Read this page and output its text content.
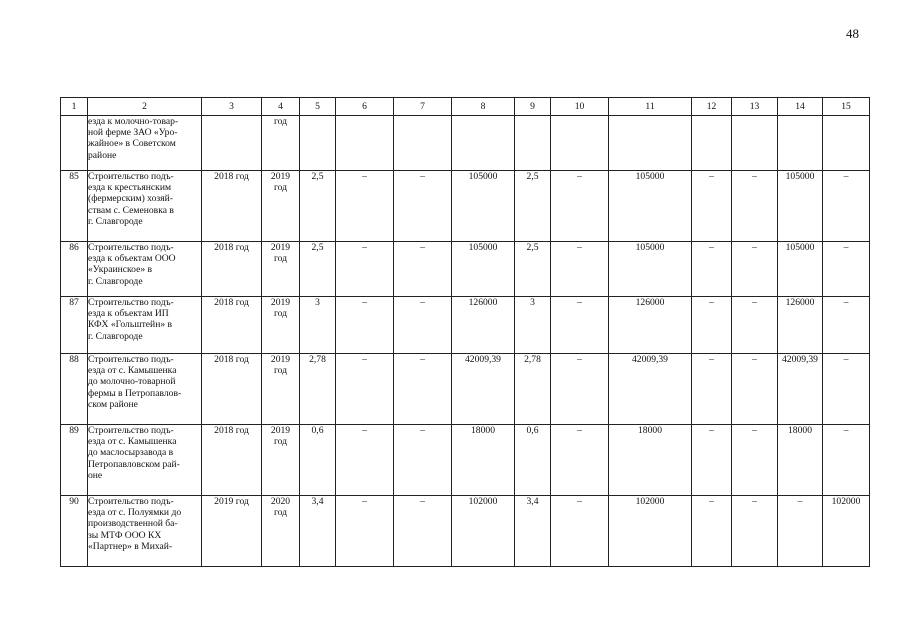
48
1	2	3	4	5	6	7	8	9	10	11	12	13	14	15

	езда к молочно-товар-
ной ферме ЗАО «Уро-
жайное» в Советском
районе		год											

85	Строительство подъ-
езда к крестьянским
(фермерским) хозяй-
ствам с. Семеновка в
г. Славгороде	2018 год	2019
год	2,5	–	–	105000	2,5	–	105000	–	–	105000	–
86	Строительство подъ-
езда к объектам ООО
«Украинское» в
г. Славгороде	2018 год	2019
год	2,5	–	–	105000	2,5	–	105000	–	–	105000	–
87	Строительство подъ-
езда к объектам ИП
КФХ «Гольштейн» в
г. Славгороде	2018 год	2019
год	3	–	–	126000	3	–	126000	–	–	126000	–
88	Строительство подъ-
езда от с. Камышенка
до молочно-товарной
фермы в Петропавлов-
ском районе	2018 год	2019
год	2,78	–	–	42009,39	2,78	–	42009,39	–	–	42009,39	–
89	Строительство подъ-
езда от с. Камышенка
до маслосырзавода в
Петропавловском рай-
оне	2018 год	2019
год	0,6	–	–	18000	0,6	–	18000	–	–	18000	–
90	Строительство подъ-
езда от с. Полуямки до
производственной ба-
зы МТФ ООО КХ
«Партнер» в Михай-	2019 год	2020
год	3,4	–	–	102000	3,4	–	102000	–	–	–	102000
